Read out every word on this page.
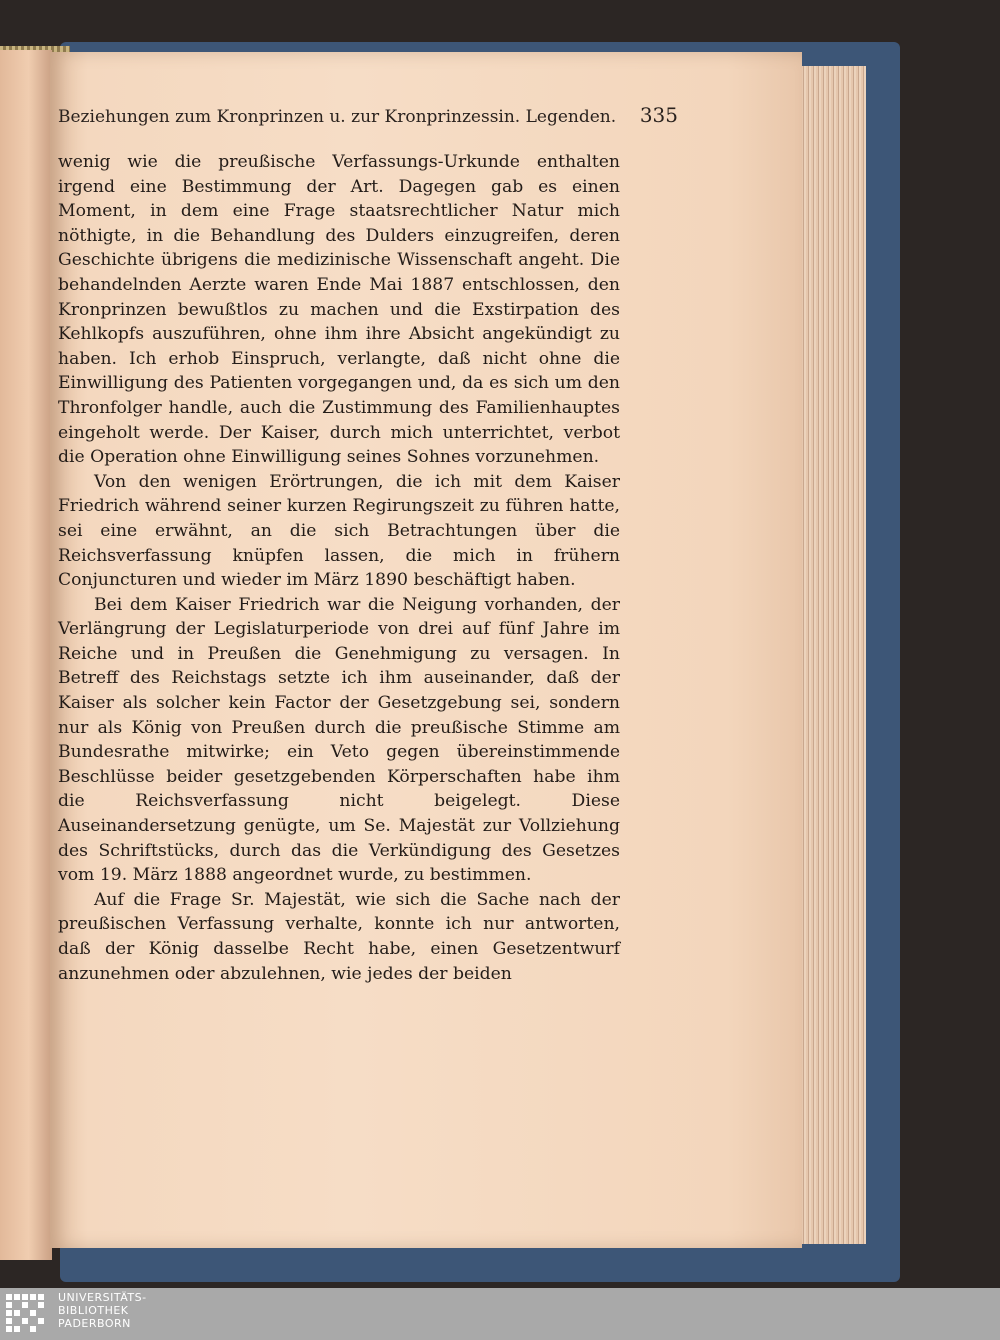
Beziehungen zum Kronprinzen u. zur Kronprinzessin. Legenden. 335

wenig wie die preußische Verfassungs-Urkunde enthalten irgend eine Bestimmung der Art. Dagegen gab es einen Moment, in dem eine Frage staatsrechtlicher Natur mich nöthigte, in die Behandlung des Dulders einzugreifen, deren Geschichte übrigens die medizinische Wissenschaft angeht. Die behandelnden Aerzte waren Ende Mai 1887 entschlossen, den Kronprinzen bewußtlos zu machen und die Exstirpation des Kehlkopfs auszuführen, ohne ihm ihre Absicht angekündigt zu haben. Ich erhob Einspruch, verlangte, daß nicht ohne die Einwilligung des Patienten vorgegangen und, da es sich um den Thronfolger handle, auch die Zustimmung des Familienhauptes eingeholt werde. Der Kaiser, durch mich unterrichtet, verbot die Operation ohne Einwilligung seines Sohnes vorzunehmen.

Von den wenigen Erörtrungen, die ich mit dem Kaiser Friedrich während seiner kurzen Regirungszeit zu führen hatte, sei eine erwähnt, an die sich Betrachtungen über die Reichsverfassung knüpfen lassen, die mich in frühern Conjuncturen und wieder im März 1890 beschäftigt haben.

Bei dem Kaiser Friedrich war die Neigung vorhanden, der Verlängrung der Legislaturperiode von drei auf fünf Jahre im Reiche und in Preußen die Genehmigung zu versagen. In Betreff des Reichstags setzte ich ihm auseinander, daß der Kaiser als solcher kein Factor der Gesetzgebung sei, sondern nur als König von Preußen durch die preußische Stimme am Bundesrathe mitwirke; ein Veto gegen übereinstimmende Beschlüsse beider gesetzgebenden Körperschaften habe ihm die Reichsverfassung nicht beigelegt. Diese Auseinandersetzung genügte, um Se. Majestät zur Vollziehung des Schriftstücks, durch das die Verkündigung des Gesetzes vom 19. März 1888 angeordnet wurde, zu bestimmen.

Auf die Frage Sr. Majestät, wie sich die Sache nach der preußischen Verfassung verhalte, konnte ich nur antworten, daß der König dasselbe Recht habe, einen Gesetzentwurf anzunehmen oder abzulehnen, wie jedes der beiden

UNIVERSITÄTS-
BIBLIOTHEK
PADERBORN
